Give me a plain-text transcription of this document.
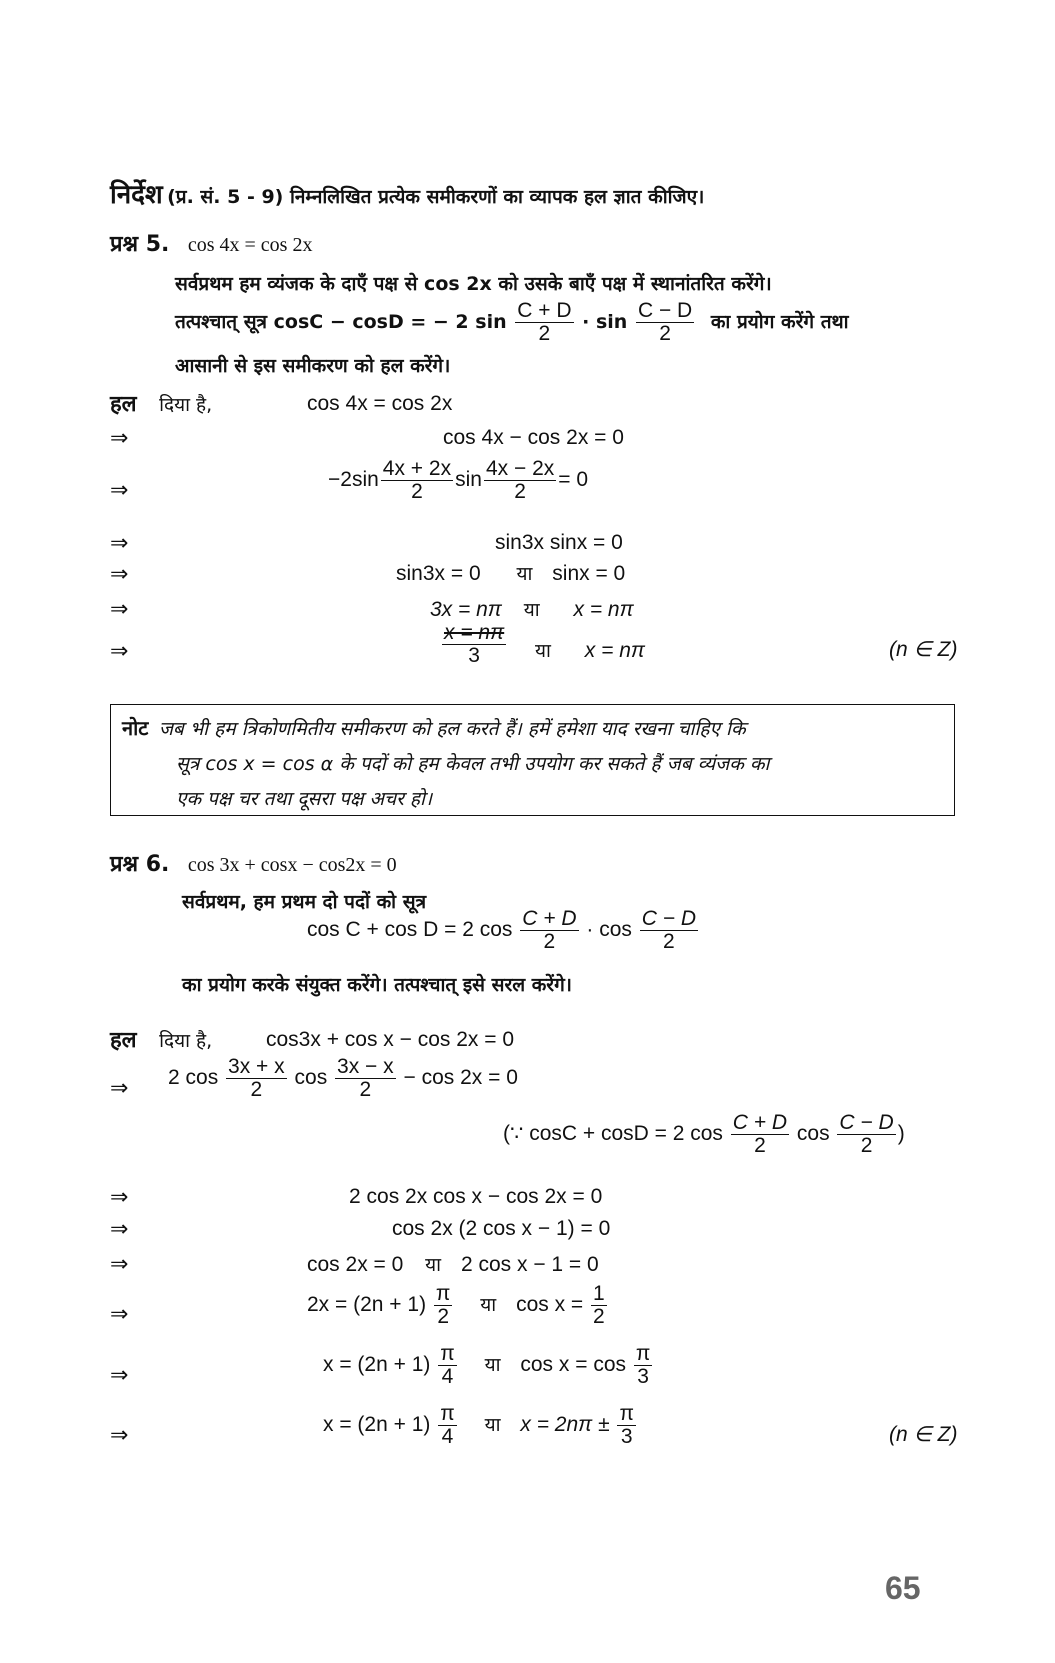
निर्देश (प्र. सं. 5 - 9) निम्नलिखित प्रत्येक समीकरणों का व्यापक हल ज्ञात कीजिए।
प्रश्न 5. cos 4x = cos 2x
सर्वप्रथम हम व्यंजक के दाएँ पक्ष से cos 2x को उसके बाएँ पक्ष में स्थानांतरित करेंगे।
तत्पश्चात् सूत्र cosC − cosD = − 2 $\sin \frac{C + D}{2} \cdot \sin \frac{C - D}{2}$ का प्रयोग करेंगे तथा
आसानी से इस समीकरण को हल करेंगे।
हल दिया है,	cos 4x = cos 2x
⇒	cos 4x − cos 2x = 0
⇒	$-2\sin \frac{4x + 2x}{2}$ $\sin \frac{4x - 2x}{2} = 0$
⇒	sin3x sinx = 0
⇒	sin3x = 0 या sinx = 0
⇒	3x = nπ या x = nπ
⇒	$\frac{x = n\pi}{3}$ या x = nπ	(n ∈ Z)
नोट जब भी हम त्रिकोणमितीय समीकरण को हल करते हैं। हमें हमेशा याद रखना चाहिए कि
सूत्र cos x = cos α के पदों को हम केवल तभी उपयोग कर सकते हैं जब व्यंजक का
एक पक्ष चर तथा दूसरा पक्ष अचर हो।
प्रश्न 6. cos 3x + cosx − cos2x = 0
सर्वप्रथम, हम प्रथम दो पदों को सूत्र
cos C + cos D = 2 $\cos \frac{C + D}{2} \cdot \cos \frac{C - D}{2}$
का प्रयोग करके संयुक्त करेंगे। तत्पश्चात् इसे सरल करेंगे।
हल दिया है,	cos3x + cos x − cos 2x = 0
⇒ 2 $\cos \frac{3x + x}{2}$ $\cos \frac{3x - x}{2} - \cos 2x = 0$
(∵ cosC + cosD = 2 $\cos \frac{C + D}{2}$ $\cos \frac{C - D}{2}$ )
⇒	2 cos 2x cos x − cos 2x = 0
⇒	cos 2x (2 cos x − 1) = 0
⇒	cos 2x = 0 या 2 cos x − 1 = 0
⇒	$2x = (2n + 1) \frac{\pi}{2}$ या $\cos x = \frac{1}{2}$
⇒	$x = (2n + 1) \frac{\pi}{4}$ या $\cos x = \cos \frac{\pi}{3}$
⇒	$x = (2n + 1) \frac{\pi}{4}$ या $x = 2n\pi \pm \frac{\pi}{3}$	(n ∈ Z)
65
